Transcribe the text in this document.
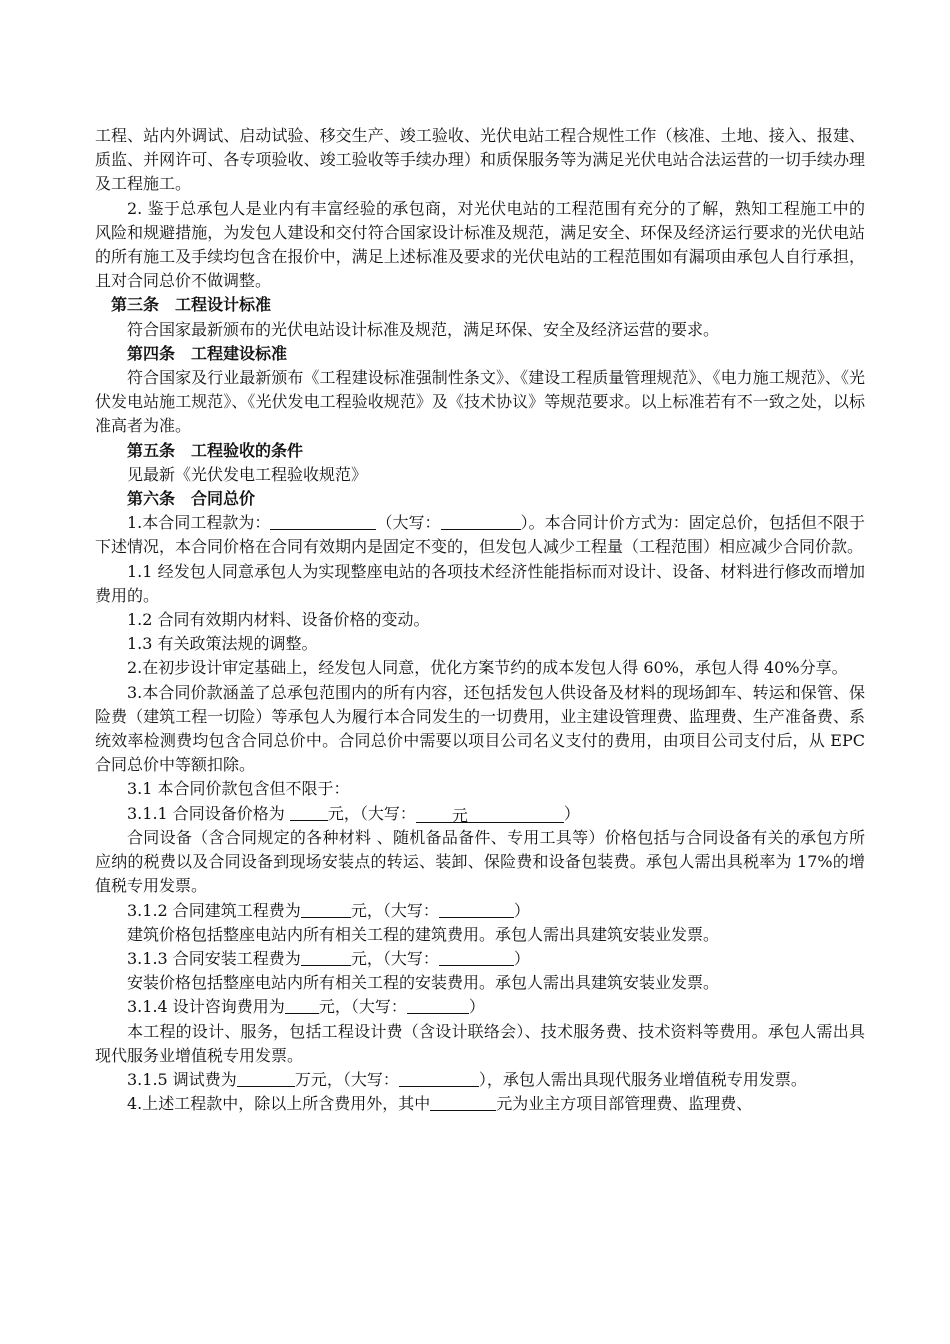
工程、站内外调试、启动试验、移交生产、竣工验收、光伏电站工程合规性工作（核准、土地、接入、报建、质监、并网许可、各专项验收、竣工验收等手续办理）和质保服务等为满足光伏电站合法运营的一切手续办理及工程施工。

2. 鉴于总承包人是业内有丰富经验的承包商，对光伏电站的工程范围有充分的了解，熟知工程施工中的风险和规避措施，为发包人建设和交付符合国家设计标准及规范，满足安全、环保及经济运行要求的光伏电站的所有施工及手续均包含在报价中，满足上述标准及要求的光伏电站的工程范围如有漏项由承包人自行承担，且对合同总价不做调整。

第三条　工程设计标准

符合国家最新颁布的光伏电站设计标准及规范，满足环保、安全及经济运营的要求。

第四条　工程建设标准

符合国家及行业最新颁布《工程建设标准强制性条文》、《建设工程质量管理规范》、《电力施工规范》、《光伏发电站施工规范》、《光伏发电工程验收规范》及《技术协议》等规范要求。以上标准若有不一致之处，以标准高者为准。

第五条　工程验收的条件

见最新《光伏发电工程验收规范》

第六条　合同总价

1.本合同工程款为：	（大写：	）。本合同计价方式为：固定总价，包括但不限于下述情况，本合同价格在合同有效期内是固定不变的，但发包人减少工程量（工程范围）相应减少合同价款。

1.1 经发包人同意承包人为实现整座电站的各项技术经济性能指标而对设计、设备、材料进行修改而增加费用的。

1.2 合同有效期内材料、设备价格的变动。

1.3 有关政策法规的调整。

2.在初步设计审定基础上，经发包人同意，优化方案节约的成本发包人得 60%，承包人得 40%分享。

3.本合同价款涵盖了总承包范围内的所有内容，还包括发包人供设备及材料的现场卸车、转运和保管、保险费（建筑工程一切险）等承包人为履行本合同发生的一切费用，业主建设管理费、监理费、生产准备费、系统效率检测费均包含合同总价中。合同总价中需要以项目公司名义支付的费用，由项目公司支付后，从 EPC 合同总价中等额扣除。

3.1 本合同价款包含但不限于：

3.1.1 合同设备价格为 元，（大写： 元	）

合同设备（含合同规定的各种材料 、随机备品备件、专用工具等）价格包括与合同设备有关的承包方所应纳的税费以及合同设备到现场安装点的转运、装卸、保险费和设备包装费。承包人需出具税率为 17%的增值税专用发票。

3.1.2 合同建筑工程费为	元，（大写：	）

建筑价格包括整座电站内所有相关工程的建筑费用。承包人需出具建筑安装业发票。

3.1.3 合同安装工程费为	元，（大写：	）

安装价格包括整座电站内所有相关工程的安装费用。承包人需出具建筑安装业发票。

3.1.4 设计咨询费用为 元，（大写：	）

本工程的设计、服务，包括工程设计费（含设计联络会）、技术服务费、技术资料等费用。承包人需出具现代服务业增值税专用发票。

3.1.5 调试费为	万元，（大写：	），承包人需出具现代服务业增值税专用发票。

4.上述工程款中，除以上所含费用外，其中	元为业主方项目部管理费、监理费、
